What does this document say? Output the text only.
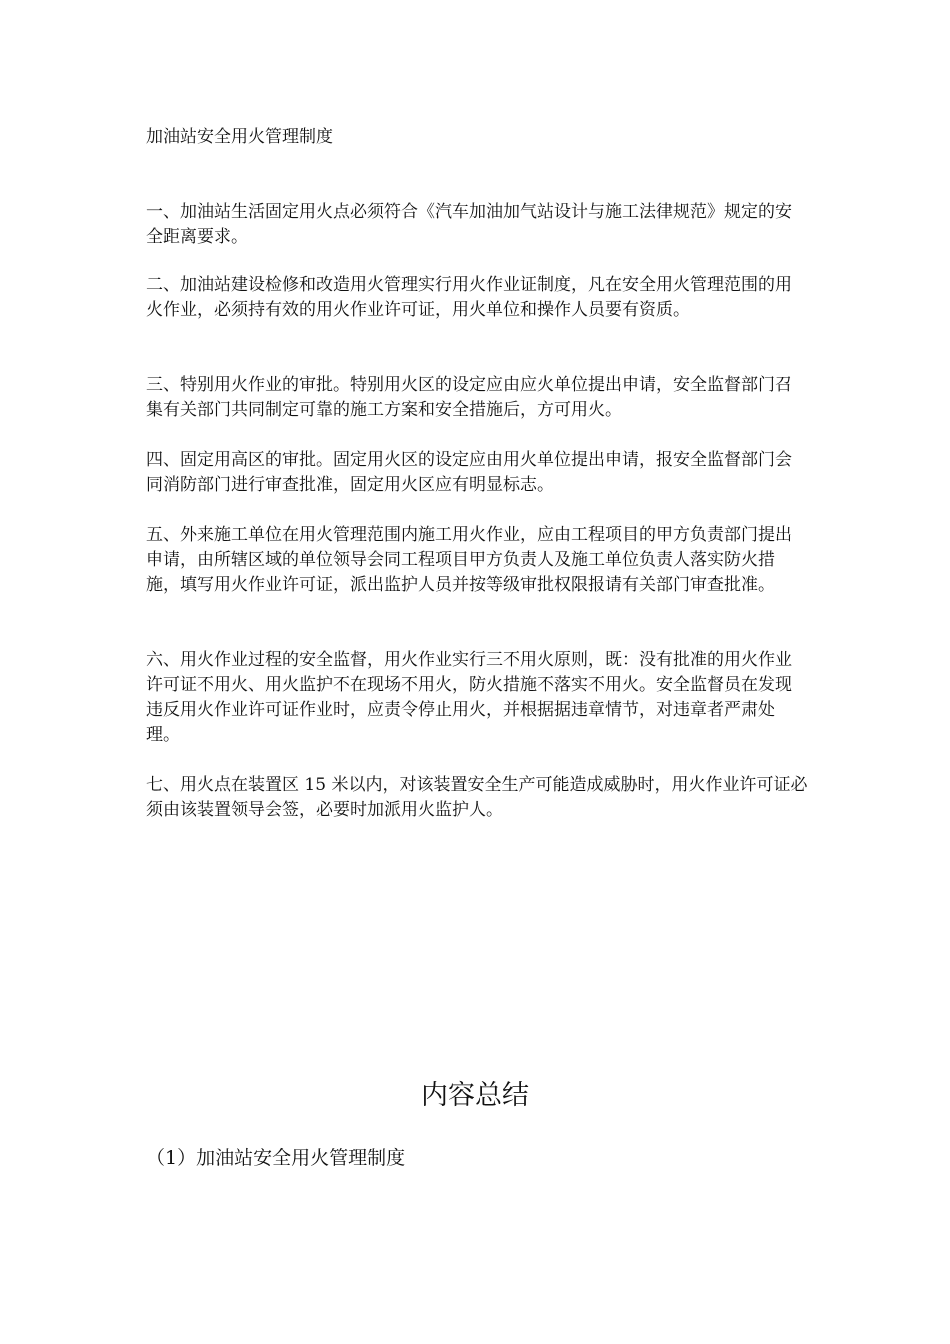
加油站安全用火管理制度

一、加油站生活固定用火点必须符合《汽车加油加气站设计与施工法律规范》规定的安全距离要求。

二、加油站建设检修和改造用火管理实行用火作业证制度，凡在安全用火管理范围的用火作业，必须持有效的用火作业许可证，用火单位和操作人员要有资质。

三、特别用火作业的审批。特别用火区的设定应由应火单位提出申请，安全监督部门召集有关部门共同制定可靠的施工方案和安全措施后，方可用火。

四、固定用高区的审批。固定用火区的设定应由用火单位提出申请，报安全监督部门会同消防部门进行审查批准，固定用火区应有明显标志。

五、外来施工单位在用火管理范围内施工用火作业，应由工程项目的甲方负责部门提出申请，由所辖区域的单位领导会同工程项目甲方负责人及施工单位负责人落实防火措施，填写用火作业许可证，派出监护人员并按等级审批权限报请有关部门审查批准。

六、用火作业过程的安全监督，用火作业实行三不用火原则，既：没有批准的用火作业许可证不用火、用火监护不在现场不用火，防火措施不落实不用火。安全监督员在发现违反用火作业许可证作业时，应责令停止用火，并根据据违章情节，对违章者严肃处理。

七、用火点在装置区 15 米以内，对该装置安全生产可能造成威胁时，用火作业许可证必须由该装置领导会签，必要时加派用火监护人。

内容总结

（1）加油站安全用火管理制度
